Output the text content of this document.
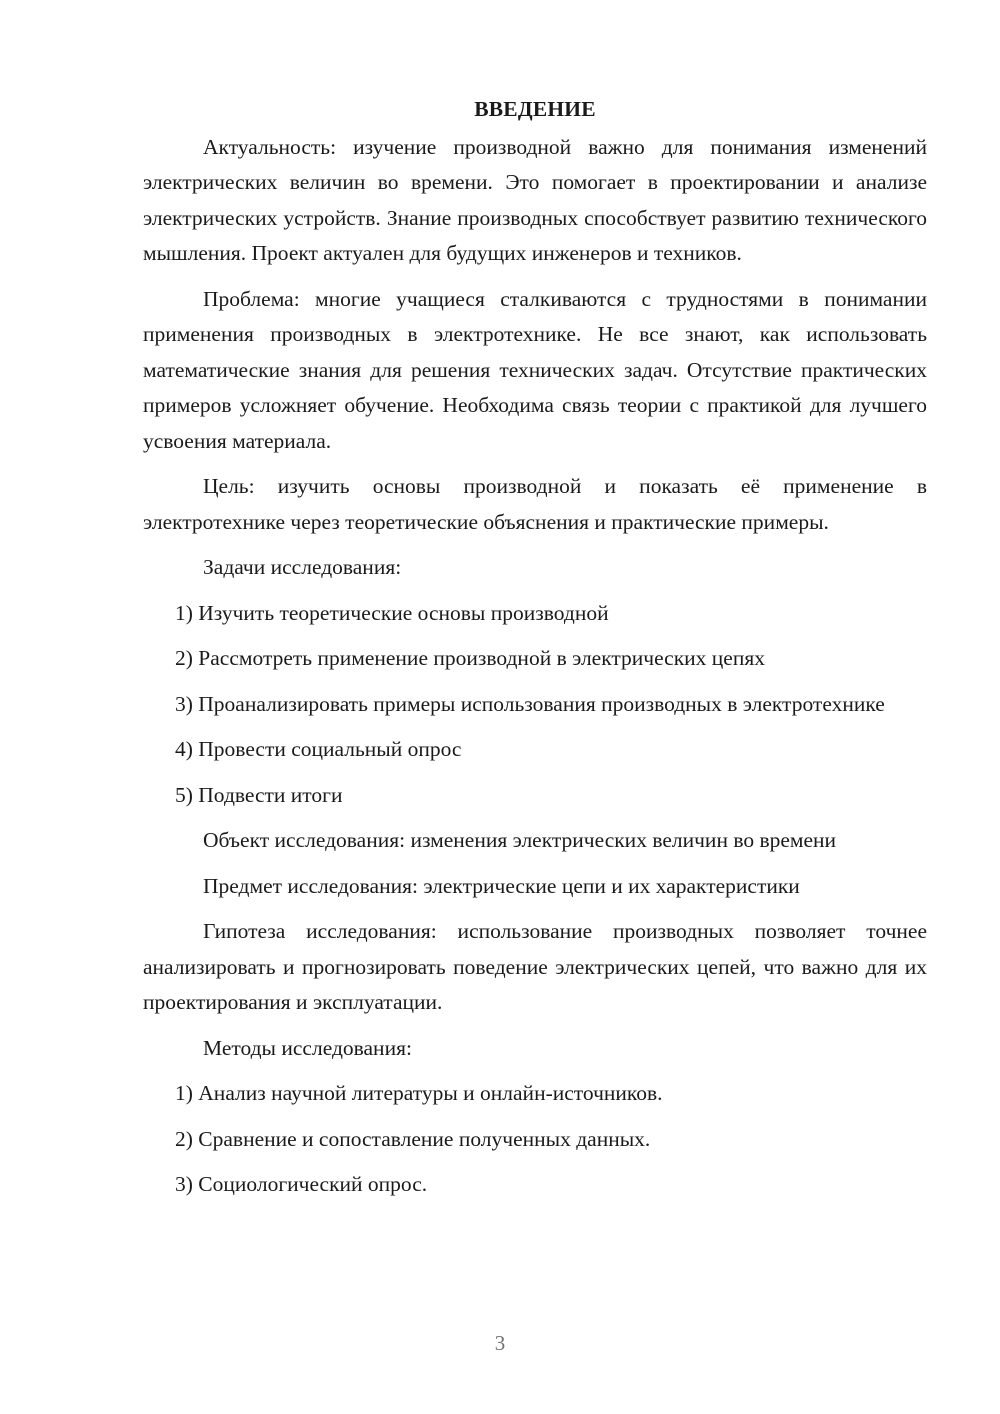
ВВЕДЕНИЕ

Актуальность: изучение производной важно для понимания изменений электрических величин во времени. Это помогает в проектировании и анализе электрических устройств. Знание производных способствует развитию технического мышления. Проект актуален для будущих инженеров и техников.

Проблема: многие учащиеся сталкиваются с трудностями в понимании применения производных в электротехнике. Не все знают, как использовать математические знания для решения технических задач. Отсутствие практических примеров усложняет обучение. Необходима связь теории с практикой для лучшего усвоения материала.

Цель: изучить основы производной и показать её применение в электротехнике через теоретические объяснения и практические примеры.

Задачи исследования:

1) Изучить теоретические основы производной

2) Рассмотреть применение производной в электрических цепях

3) Проанализировать примеры использования производных в электротехнике

4) Провести социальный опрос

5) Подвести итоги

Объект исследования: изменения электрических величин во времени

Предмет исследования: электрические цепи и их характеристики

Гипотеза исследования: использование производных позволяет точнее анализировать и прогнозировать поведение электрических цепей, что важно для их проектирования и эксплуатации.

Методы исследования:

1) Анализ научной литературы и онлайн-источников.

2) Сравнение и сопоставление полученных данных.

3) Социологический опрос.

3
